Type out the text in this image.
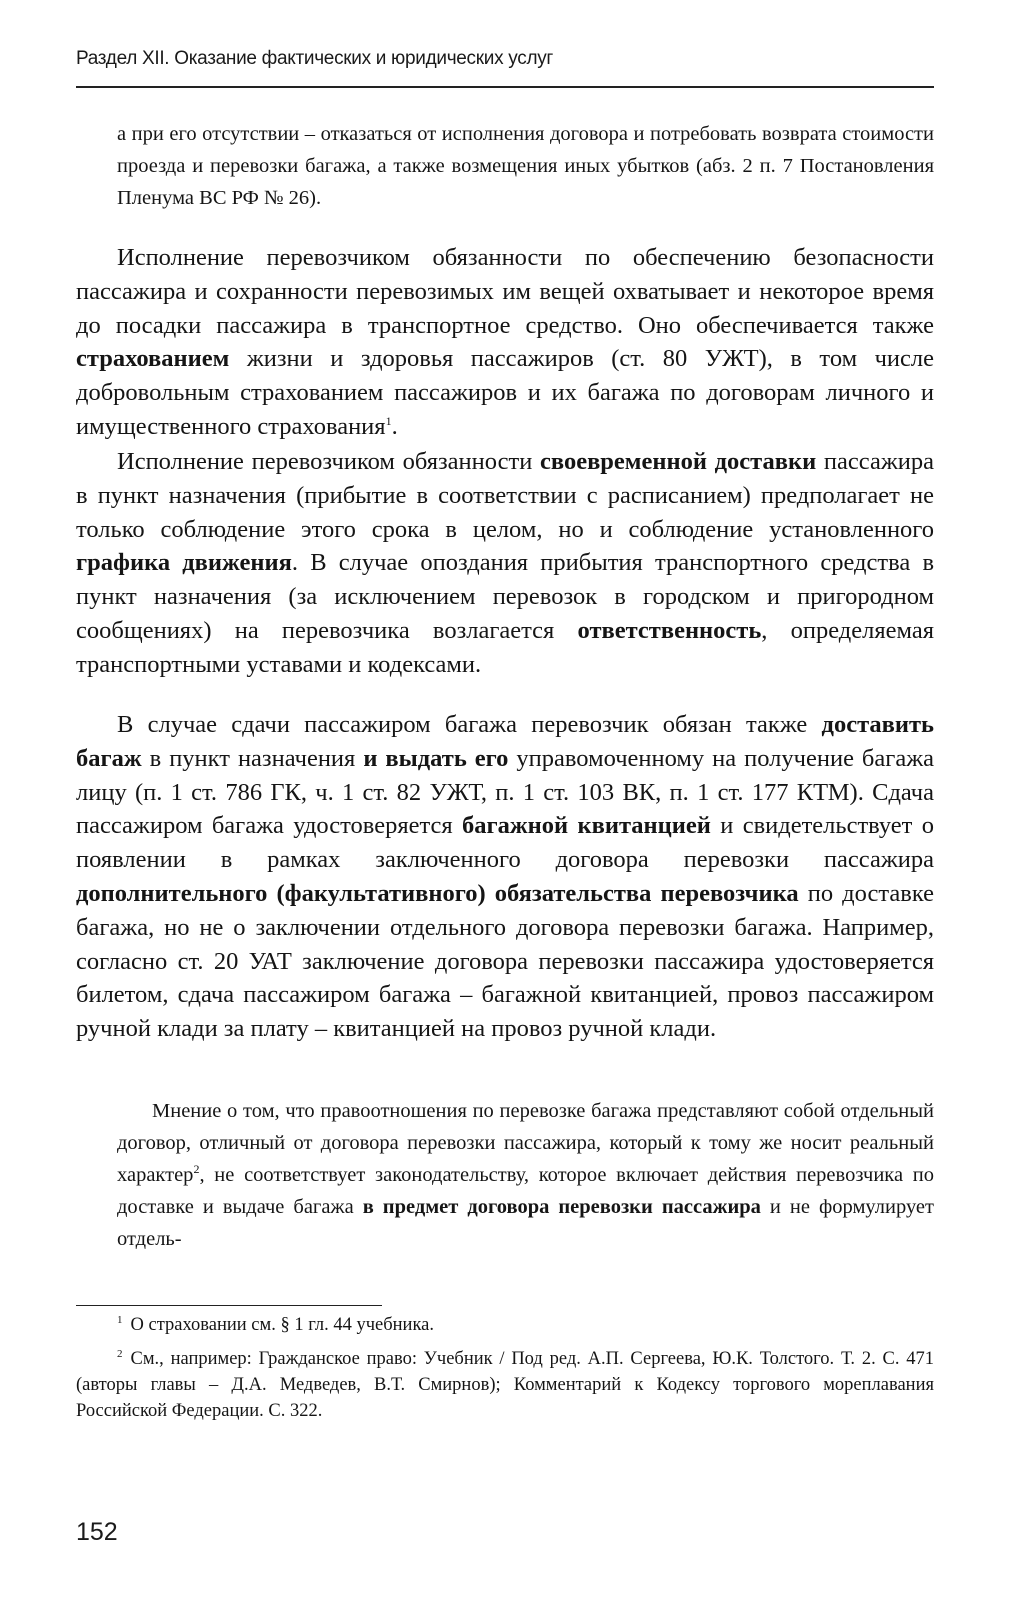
Раздел XII. Оказание фактических и юридических услуг
а при его отсутствии – отказаться от исполнения договора и потребовать возврата стоимости проезда и перевозки багажа, а также возмещения иных убытков (абз. 2 п. 7 Постановления Пленума ВС РФ № 26).
Исполнение перевозчиком обязанности по обеспечению безопасности пассажира и сохранности перевозимых им вещей охватывает и некоторое время до посадки пассажира в транспортное средство. Оно обеспечивается также страхованием жизни и здоровья пассажиров (ст. 80 УЖТ), в том числе добровольным страхованием пассажиров и их багажа по договорам личного и имущественного страхования$^1$.
Исполнение перевозчиком обязанности своевременной доставки пассажира в пункт назначения (прибытие в соответствии с расписанием) предполагает не только соблюдение этого срока в целом, но и соблюдение установленного графика движения. В случае опоздания прибытия транспортного средства в пункт назначения (за исключением перевозок в городском и пригородном сообщениях) на перевозчика возлагается ответственность, определяемая транспортными уставами и кодексами.
В случае сдачи пассажиром багажа перевозчик обязан также доставить багаж в пункт назначения и выдать его управомоченному на получение багажа лицу (п. 1 ст. 786 ГК, ч. 1 ст. 82 УЖТ, п. 1 ст. 103 ВК, п. 1 ст. 177 КТМ). Сдача пассажиром багажа удостоверяется багажной квитанцией и свидетельствует о появлении в рамках заключенного договора перевозки пассажира дополнительного (факультативного) обязательства перевозчика по доставке багажа, но не о заключении отдельного договора перевозки багажа. Например, согласно ст. 20 УАТ заключение договора перевозки пассажира удостоверяется билетом, сдача пассажиром багажа – багажной квитанцией, провоз пассажиром ручной клади за плату – квитанцией на провоз ручной клади.
Мнение о том, что правоотношения по перевозке багажа представляют собой отдельный договор, отличный от договора перевозки пассажира, который к тому же носит реальный характер$^2$, не соответствует законодательству, которое включает действия перевозчика по доставке и выдаче багажа в предмет договора перевозки пассажира и не формулирует отдель-
$^1$ О страховании см. § 1 гл. 44 учебника.
$^2$ См., например: Гражданское право: Учебник / Под ред. А.П. Сергеева, Ю.К. Толстого. Т. 2. С. 471 (авторы главы – Д.А. Медведев, В.Т. Смирнов); Комментарий к Кодексу торгового мореплавания Российской Федерации. С. 322.
152
